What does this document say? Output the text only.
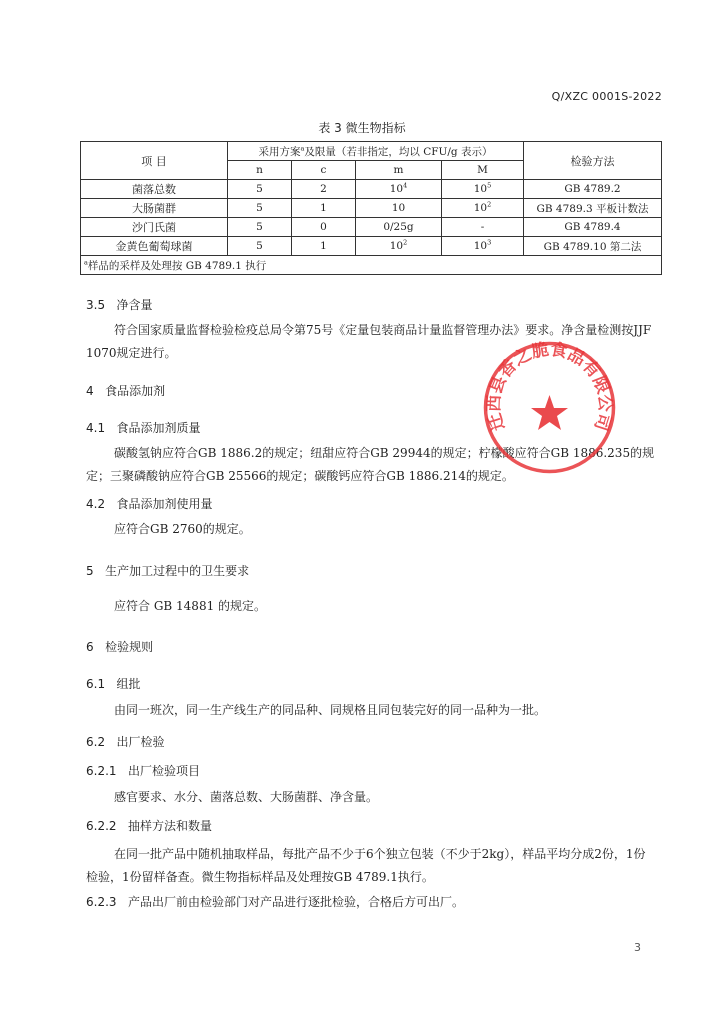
Q/XZC 0001S-2022
表 3 微生物指标
项 目	采用方案$^a$及限量（若非指定，均以 CFU/g 表示）				检验方法
	n	c	m	M	
菌落总数	5	2	$10^4$	$10^5$	GB 4789.2
大肠菌群	5	1	10	$10^2$	GB 4789.3 平板计数法
沙门氏菌	5	0	0/25g	-	GB 4789.4
金黄色葡萄球菌	5	1	$10^2$	$10^3$	GB 4789.10 第二法
$^a$样品的采样及处理按 GB 4789.1 执行					
3.5 净含量
符合国家质量监督检验检疫总局令第75号《定量包装商品计量监督管理办法》要求。净含量检测按JJF 1070规定进行。
4 食品添加剂
4.1 食品添加剂质量
碳酸氢钠应符合GB 1886.2的规定；纽甜应符合GB 29944的规定；柠檬酸应符合GB 1886.235的规定；三聚磷酸钠应符合GB 25566的规定；碳酸钙应符合GB 1886.214的规定。
4.2 食品添加剂使用量
应符合GB 2760的规定。
5 生产加工过程中的卫生要求
应符合 GB 14881 的规定。
6 检验规则
6.1 组批
由同一班次，同一生产线生产的同品种、同规格且同包装完好的同一品种为一批。
6.2 出厂检验
6.2.1 出厂检验项目
感官要求、水分、菌落总数、大肠菌群、净含量。
6.2.2 抽样方法和数量
在同一批产品中随机抽取样品，每批产品不少于6个独立包装（不少于2kg），样品平均分成2份，1份检验，1份留样备查。微生物指标样品及处理按GB 4789.1执行。
6.2.3 产品出厂前由检验部门对产品进行逐批检验，合格后方可出厂。
迁西县香之脆食品有限公司
3
